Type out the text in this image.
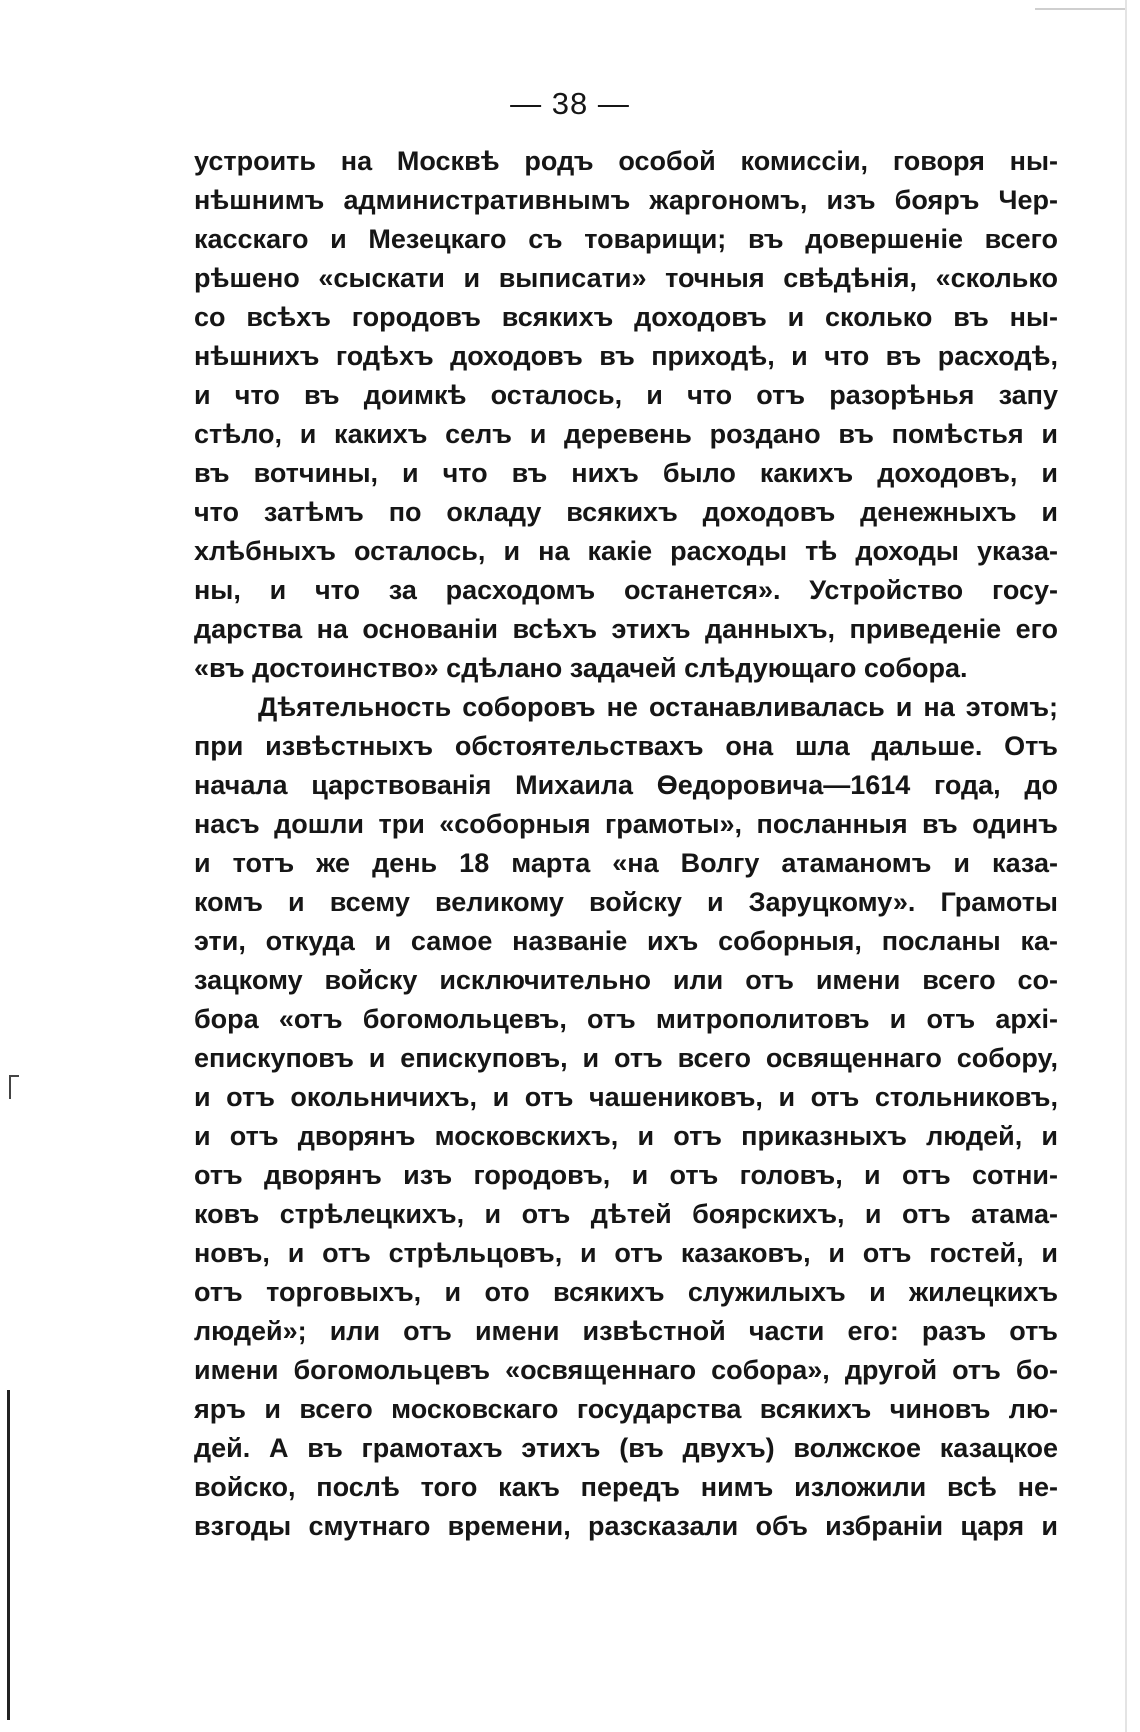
— 38 —
устроить на Москвѣ родъ особой комиссiи, говоря ны-
нѣшнимъ административнымъ жаргономъ, изъ бояръ Чер-
касскаго и Мезецкаго съ товарищи; въ довершенiе всего
рѣшено «сыскати и выписати» точныя свѣдѣнiя, «сколько
со всѣхъ городовъ всякихъ доходовъ и сколько въ ны-
нѣшнихъ годѣхъ доходовъ въ приходѣ, и что въ расходѣ,
и что въ доимкѣ осталось, и что отъ разорѣнья запу
стѣло, и какихъ селъ и деревень роздано въ помѣстья и
въ вотчины, и что въ нихъ было какихъ доходовъ, и
что затѣмъ по окладу всякихъ доходовъ денежныхъ и
хлѣбныхъ осталось, и на какiе расходы тѣ доходы указа-
ны, и что за расходомъ останется». Устройство госу-
дарства на основанiи всѣхъ этихъ данныхъ, приведенiе его
«въ достоинство» сдѣлано задачей слѣдующаго собора.
Дѣятельность соборовъ не останавливалась и на этомъ;
при извѣстныхъ обстоятельствахъ она шла дальше. Отъ
начала царствованiя Михаила Өедоровича—1614 года, до
насъ дошли три «соборныя грамоты», посланныя въ одинъ
и тотъ же день 18 марта «на Волгу атаманомъ и каза-
комъ и всему великому войску и Заруцкому». Грамоты
эти, откуда и самое названiе ихъ соборныя, посланы ка-
зацкому войску исключительно или отъ имени всего со-
бора «отъ богомольцевъ, отъ митрополитовъ и отъ архi-
епискуповъ и епискуповъ, и отъ всего освященнаго собору,
и отъ окольничихъ, и отъ чашениковъ, и отъ стольниковъ,
и отъ дворянъ московскихъ, и отъ приказныхъ людей, и
отъ дворянъ изъ городовъ, и отъ головъ, и отъ сотни-
ковъ стрѣлецкихъ, и отъ дѣтей боярскихъ, и отъ атама-
новъ, и отъ стрѣльцовъ, и отъ казаковъ, и отъ гостей, и
отъ торговыхъ, и ото всякихъ служилыхъ и жилецкихъ
людей»; или отъ имени извѣстной части его: разъ отъ
имени богомольцевъ «освященнаго собора», другой отъ бо-
яръ и всего московскаго государства всякихъ чиновъ лю-
дей. А въ грамотахъ этихъ (въ двухъ) волжское казацкое
войско, послѣ того какъ передъ нимъ изложили всѣ не-
взгоды смутнаго времени, разсказали объ избранiи царя и
